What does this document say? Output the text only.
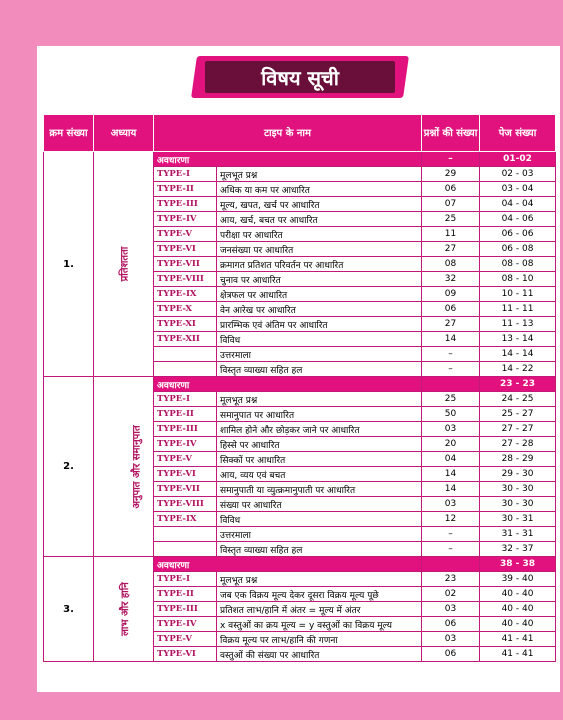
विषय सूची
क्रम संख्या	अध्याय	टाइप के नाम		प्रश्नों की संख्या	पेज संख्या
1.	प्रतिशतता	अवधारणा		–	01-02
		TYPE-I	मूलभूत प्रश्न	29	02 - 03
		TYPE-II	अधिक या कम पर आधारित	06	03 - 04
		TYPE-III	मूल्य, खपत, खर्च पर आधारित	07	04 - 04
		TYPE-IV	आय, खर्च, बचत पर आधारित	25	04 - 06
		TYPE-V	परीक्षा पर आधारित	11	06 - 06
		TYPE-VI	जनसंख्या पर आधारित	27	06 - 08
		TYPE-VII	क्रमागत प्रतिशत परिवर्तन पर आधारित	08	08 - 08
		TYPE-VIII	चुनाव पर आधारित	32	08 - 10
		TYPE-IX	क्षेत्रफल पर आधारित	09	10 - 11
		TYPE-X	वेन आरेख पर आधारित	06	11 - 11
		TYPE-XI	प्रारम्भिक एवं अंतिम पर आधारित	27	11 - 13
		TYPE-XII	विविध	14	13 - 14
			उत्तरमाला	–	14 - 14
			विस्तृत व्याख्या सहित हल	–	14 - 22
2.	अनुपात और समानुपात	अवधारणा			23 - 23
		TYPE-I	मूलभूत प्रश्न	25	24 - 25
		TYPE-II	समानुपात पर आधारित	50	25 - 27
		TYPE-III	शामिल होने और छोड़कर जाने पर आधारित	03	27 - 27
		TYPE-IV	हिस्से पर आधारित	20	27 - 28
		TYPE-V	सिक्कों पर आधारित	04	28 - 29
		TYPE-VI	आय, व्यय एवं बचत	14	29 - 30
		TYPE-VII	समानुपाती या व्युत्क्रमानुपाती पर आधारित	14	30 - 30
		TYPE-VIII	संख्या पर आधारित	03	30 - 30
		TYPE-IX	विविध	12	30 - 31
			उत्तरमाला	–	31 - 31
			विस्तृत व्याख्या सहित हल	–	32 - 37
3.	लाभ और हानि	अवधारणा			38 - 38
		TYPE-I	मूलभूत प्रश्न	23	39 - 40
		TYPE-II	जब एक विक्रय मूल्य देकर दूसरा विक्रय मूल्य पूछे	02	40 - 40
		TYPE-III	प्रतिशत लाभ/हानि में अंतर = मूल्य में अंतर	03	40 - 40
		TYPE-IV	x वस्तुओं का क्रय मूल्य = y वस्तुओं का विक्रय मूल्य	06	40 - 40
		TYPE-V	विक्रय मूल्य पर लाभ/हानि की गणना	03	41 - 41
		TYPE-VI	वस्तुओं की संख्या पर आधारित	06	41 - 41
